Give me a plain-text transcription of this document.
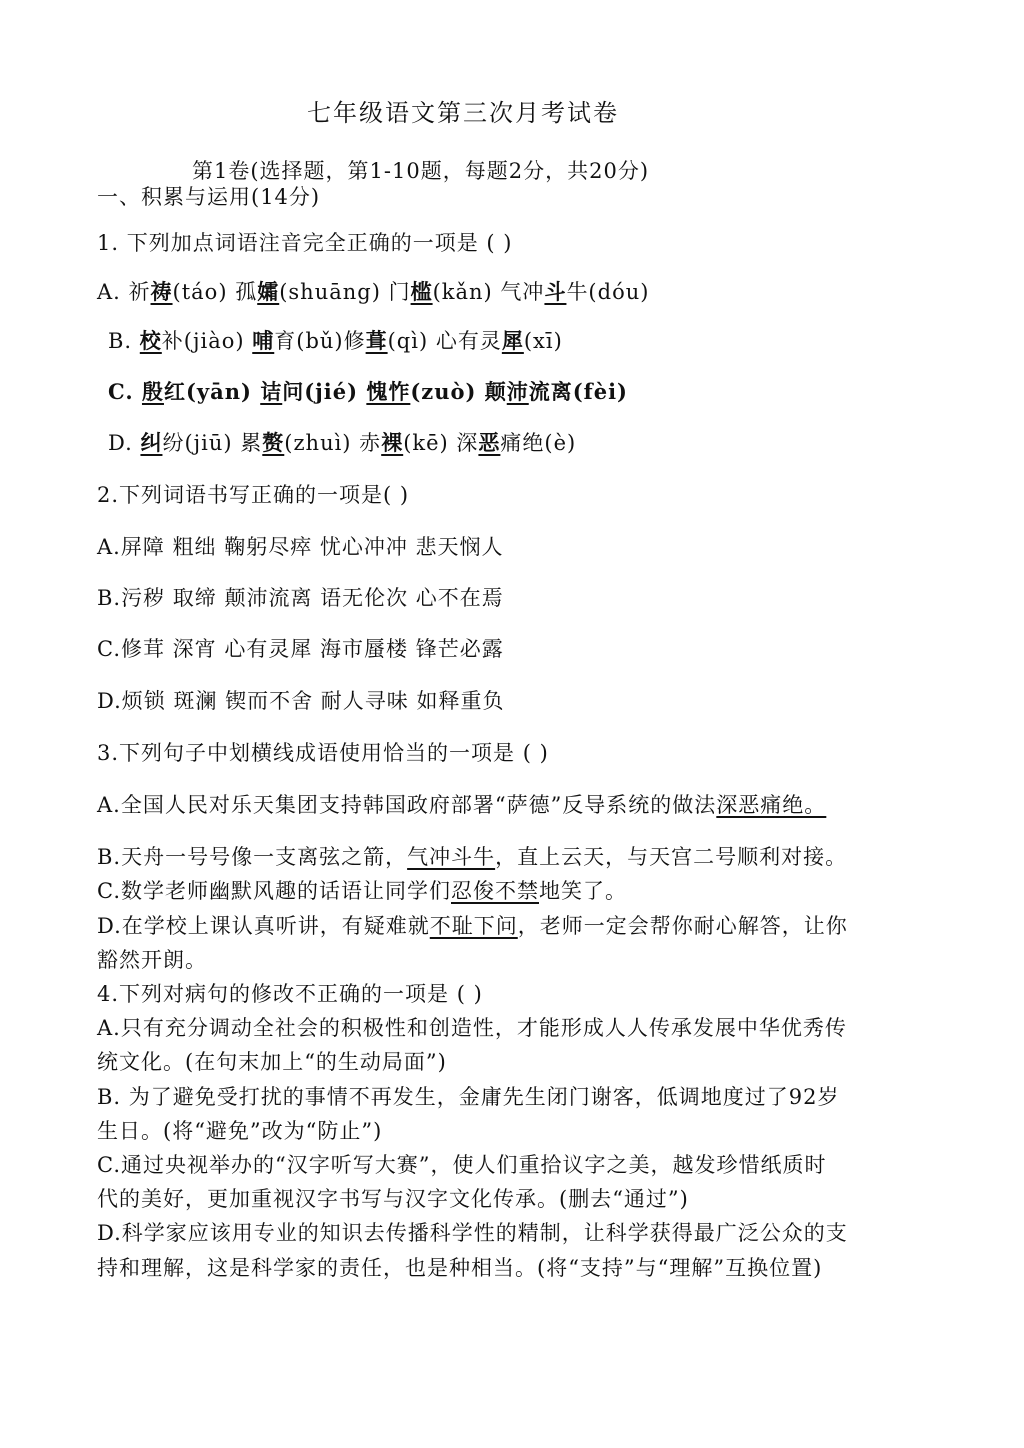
七年级语文第三次月考试卷
第1卷(选择题，第1-10题，每题2分，共20分)
一、积累与运用(14分)
1. 下列加点词语注音完全正确的一项是 ( )
A. 祈祷(táo) 孤孀(shuāng) 门槛(kǎn) 气冲斗牛(dóu)
B. 校补(jiào) 哺育(bǔ)修葺(qì) 心有灵犀(xī)
C. 殷红(yān) 诘问(jié) 愧怍(zuò) 颠沛流离(fèi)
D. 纠纷(jiū) 累赘(zhuì) 赤裸(kē) 深恶痛绝(è)
2.下列词语书写正确的一项是( )
A.屏障 粗绌 鞠躬尽瘁 忧心冲冲 悲天悯人
B.污秽 取缔 颠沛流离 语无伦次 心不在焉
C.修茸 深宵 心有灵犀 海市蜃楼 锋芒必露
D.烦锁 斑澜 锲而不舍 耐人寻味 如释重负
3.下列句子中划横线成语使用恰当的一项是 ( )
A.全国人民对乐天集团支持韩国政府部署“萨德”反导系统的做法深恶痛绝。
B.天舟一号号像一支离弦之箭，气冲斗牛，直上云天，与天宫二号顺利对接。
C.数学老师幽默风趣的话语让同学们忍俊不禁地笑了。
D.在学校上课认真听讲，有疑难就不耻下问，老师一定会帮你耐心解答，让你
豁然开朗。
4.下列对病句的修改不正确的一项是 ( )
A.只有充分调动全社会的积极性和创造性，才能形成人人传承发展中华优秀传
统文化。(在句末加上“的生动局面”)
B. 为了避免受打扰的事情不再发生，金庸先生闭门谢客，低调地度过了92岁
生日。(将“避免”改为“防止”)
C.通过央视举办的“汉字听写大赛”，使人们重拾议字之美，越发珍惜纸质时
代的美好，更加重视汉字书写与汉字文化传承。(删去“通过”)
D.科学家应该用专业的知识去传播科学性的精制，让科学获得最广泛公众的支
持和理解，这是科学家的责任，也是种相当。(将“支持”与“理解”互换位置)
